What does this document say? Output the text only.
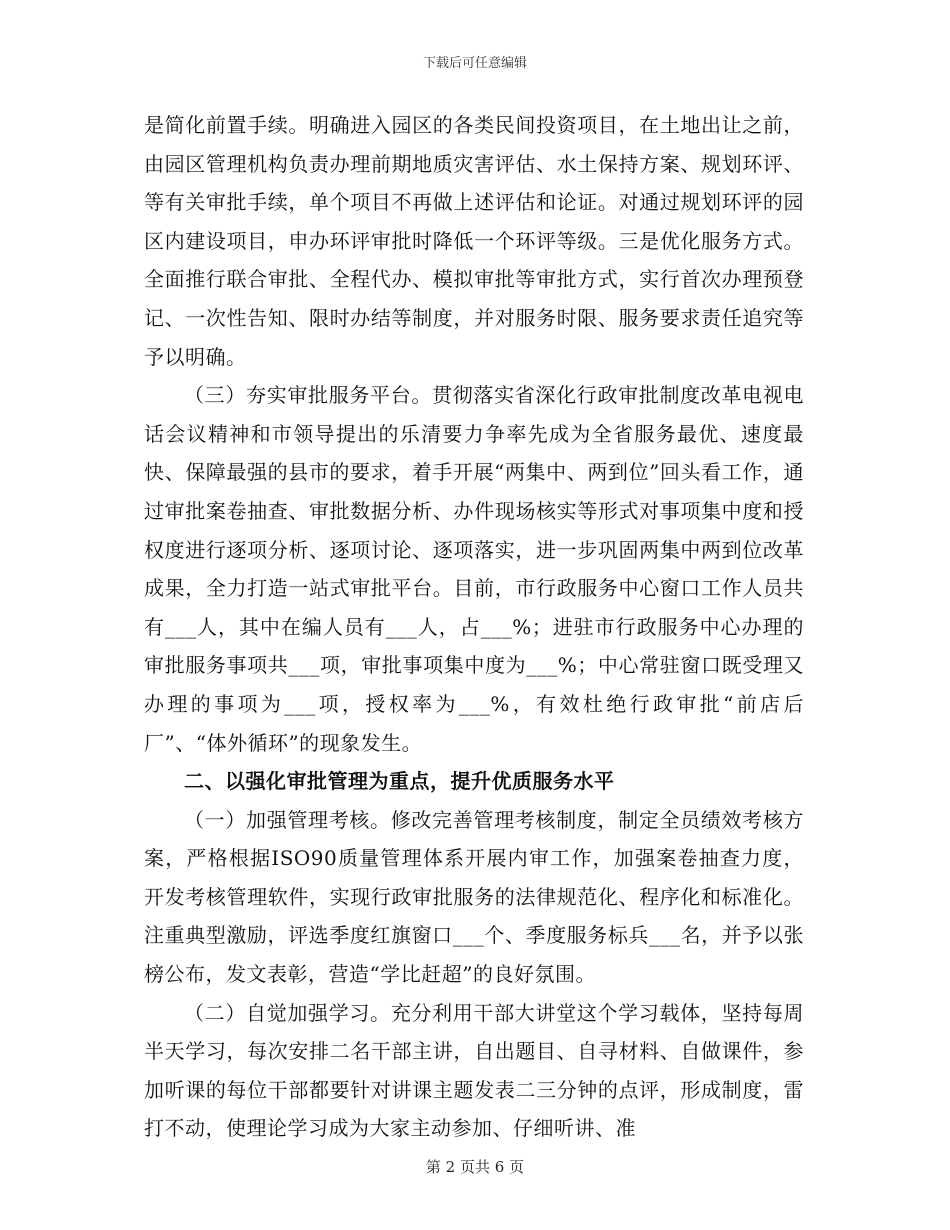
下载后可任意编辑

是简化前置手续。明确进入园区的各类民间投资项目，在土地出让之前，由园区管理机构负责办理前期地质灾害评估、水土保持方案、规划环评、等有关审批手续，单个项目不再做上述评估和论证。对通过规划环评的园区内建设项目，申办环评审批时降低一个环评等级。三是优化服务方式。全面推行联合审批、全程代办、模拟审批等审批方式，实行首次办理预登记、一次性告知、限时办结等制度，并对服务时限、服务要求责任追究等予以明确。

（三）夯实审批服务平台。贯彻落实省深化行政审批制度改革电视电话会议精神和市领导提出的乐清要力争率先成为全省服务最优、速度最快、保障最强的县市的要求，着手开展“两集中、两到位”回头看工作，通过审批案卷抽查、审批数据分析、办件现场核实等形式对事项集中度和授权度进行逐项分析、逐项讨论、逐项落实，进一步巩固两集中两到位改革成果，全力打造一站式审批平台。目前，市行政服务中心窗口工作人员共有___人，其中在编人员有___人，占___%；进驻市行政服务中心办理的审批服务事项共___项，审批事项集中度为___%；中心常驻窗口既受理又办理的事项为___项，授权率为___%，有效杜绝行政审批“前店后厂”、“体外循环”的现象发生。

二、以强化审批管理为重点，提升优质服务水平

（一）加强管理考核。修改完善管理考核制度，制定全员绩效考核方案，严格根据ISO90质量管理体系开展内审工作，加强案卷抽查力度，开发考核管理软件，实现行政审批服务的法律规范化、程序化和标准化。注重典型激励，评选季度红旗窗口___个、季度服务标兵___名，并予以张榜公布，发文表彰，营造“学比赶超”的良好氛围。

（二）自觉加强学习。充分利用干部大讲堂这个学习载体，坚持每周半天学习，每次安排二名干部主讲，自出题目、自寻材料、自做课件，参加听课的每位干部都要针对讲课主题发表二三分钟的点评，形成制度，雷打不动，使理论学习成为大家主动参加、仔细听讲、准

第 2 页共 6 页
